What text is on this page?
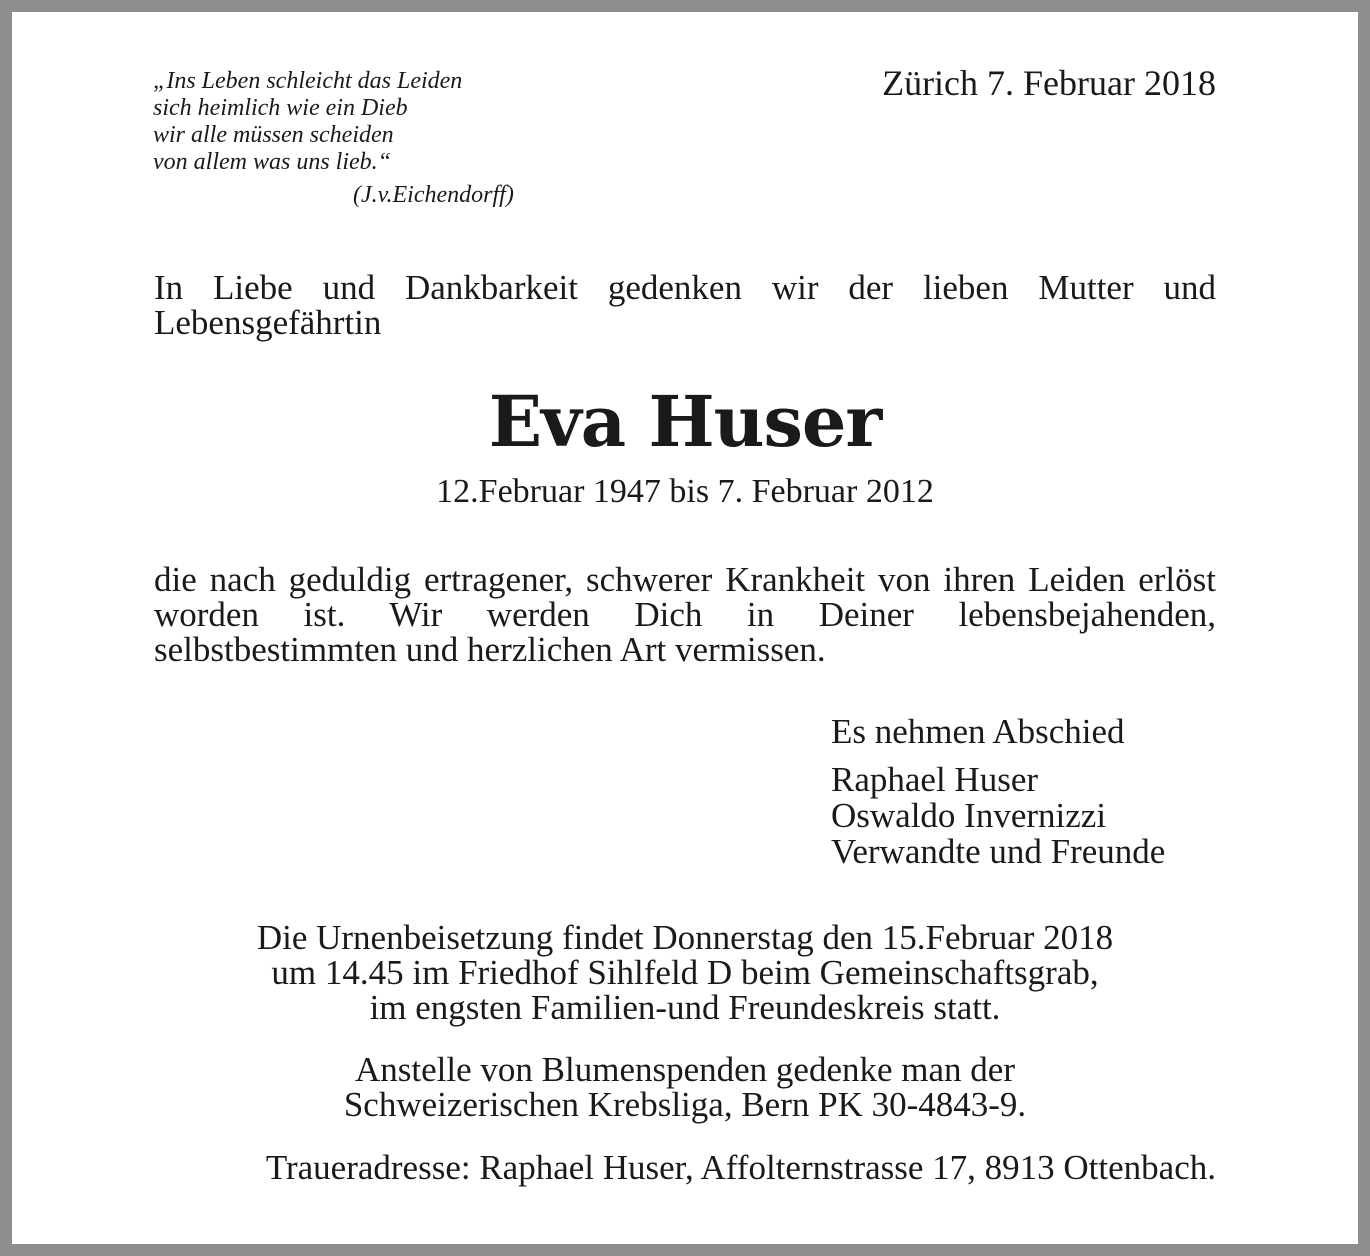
„Ins Leben schleicht das Leiden
sich heimlich wie ein Dieb
wir alle müssen scheiden
von allem was uns lieb.“
(J.v.Eichendorff)
Zürich 7. Februar 2018
In Liebe und Dankbarkeit gedenken wir der lieben Mutter und Lebensgefährtin
Eva Huser
12.Februar 1947 bis 7. Februar 2012
die nach geduldig ertragener, schwerer Krankheit von ihren Leiden erlöst worden ist. Wir werden Dich in Deiner lebensbejahenden, selbstbestimmten und herzlichen Art vermissen.
Es nehmen Abschied
Raphael Huser
Oswaldo Invernizzi
Verwandte und Freunde
Die Urnenbeisetzung findet Donnerstag den 15.Februar 2018
um 14.45 im Friedhof Sihlfeld D beim Gemeinschaftsgrab,
im engsten Familien-und Freundeskreis statt.
Anstelle von Blumenspenden gedenke man der
Schweizerischen Krebsliga, Bern PK 30-4843-9.
Traueradresse: Raphael Huser, Affolternstrasse 17, 8913 Ottenbach.
